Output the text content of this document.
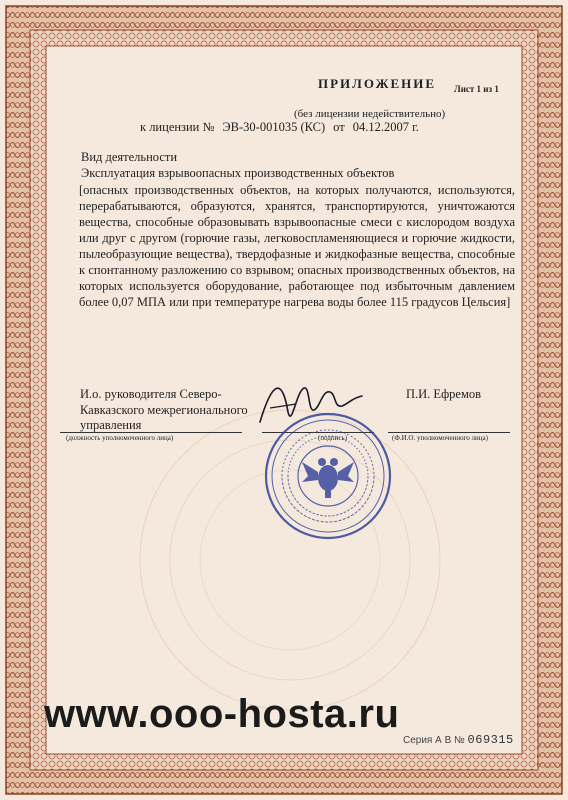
ПРИЛОЖЕНИЕ Лист 1 из 1
(без лицензии недействительно)
к лицензии № ЭВ-30-001035 (КС) от 04.12.2007 г.
Вид деятельности
Эксплуатация взрывоопасных производственных объектов
[опасных производственных объектов, на которых получаются, используются, перерабатываются, образуются, хранятся, транспортируются, уничтожаются вещества, способные образовывать взрывоопасные смеси с кислородом воздуха или друг с другом (горючие газы, легковоспламеняющиеся и горючие жидкости, пылеобразующие вещества), твердофазные и жидкофазные вещества, способные к спонтанному разложению со взрывом; опасных производственных объектов, на которых используется оборудование, работающее под избыточным давлением более 0,07 МПА или при температуре нагрева воды более 115 градусов Цельсия]
И.о. руководителя Северо-Кавказского межрегионального управления
П.И. Ефремов
(должность уполномоченного лица)	(подпись)	(Ф.И.О. уполномоченного лица)
www.ooo-hosta.ru
Серия А В № 069315
